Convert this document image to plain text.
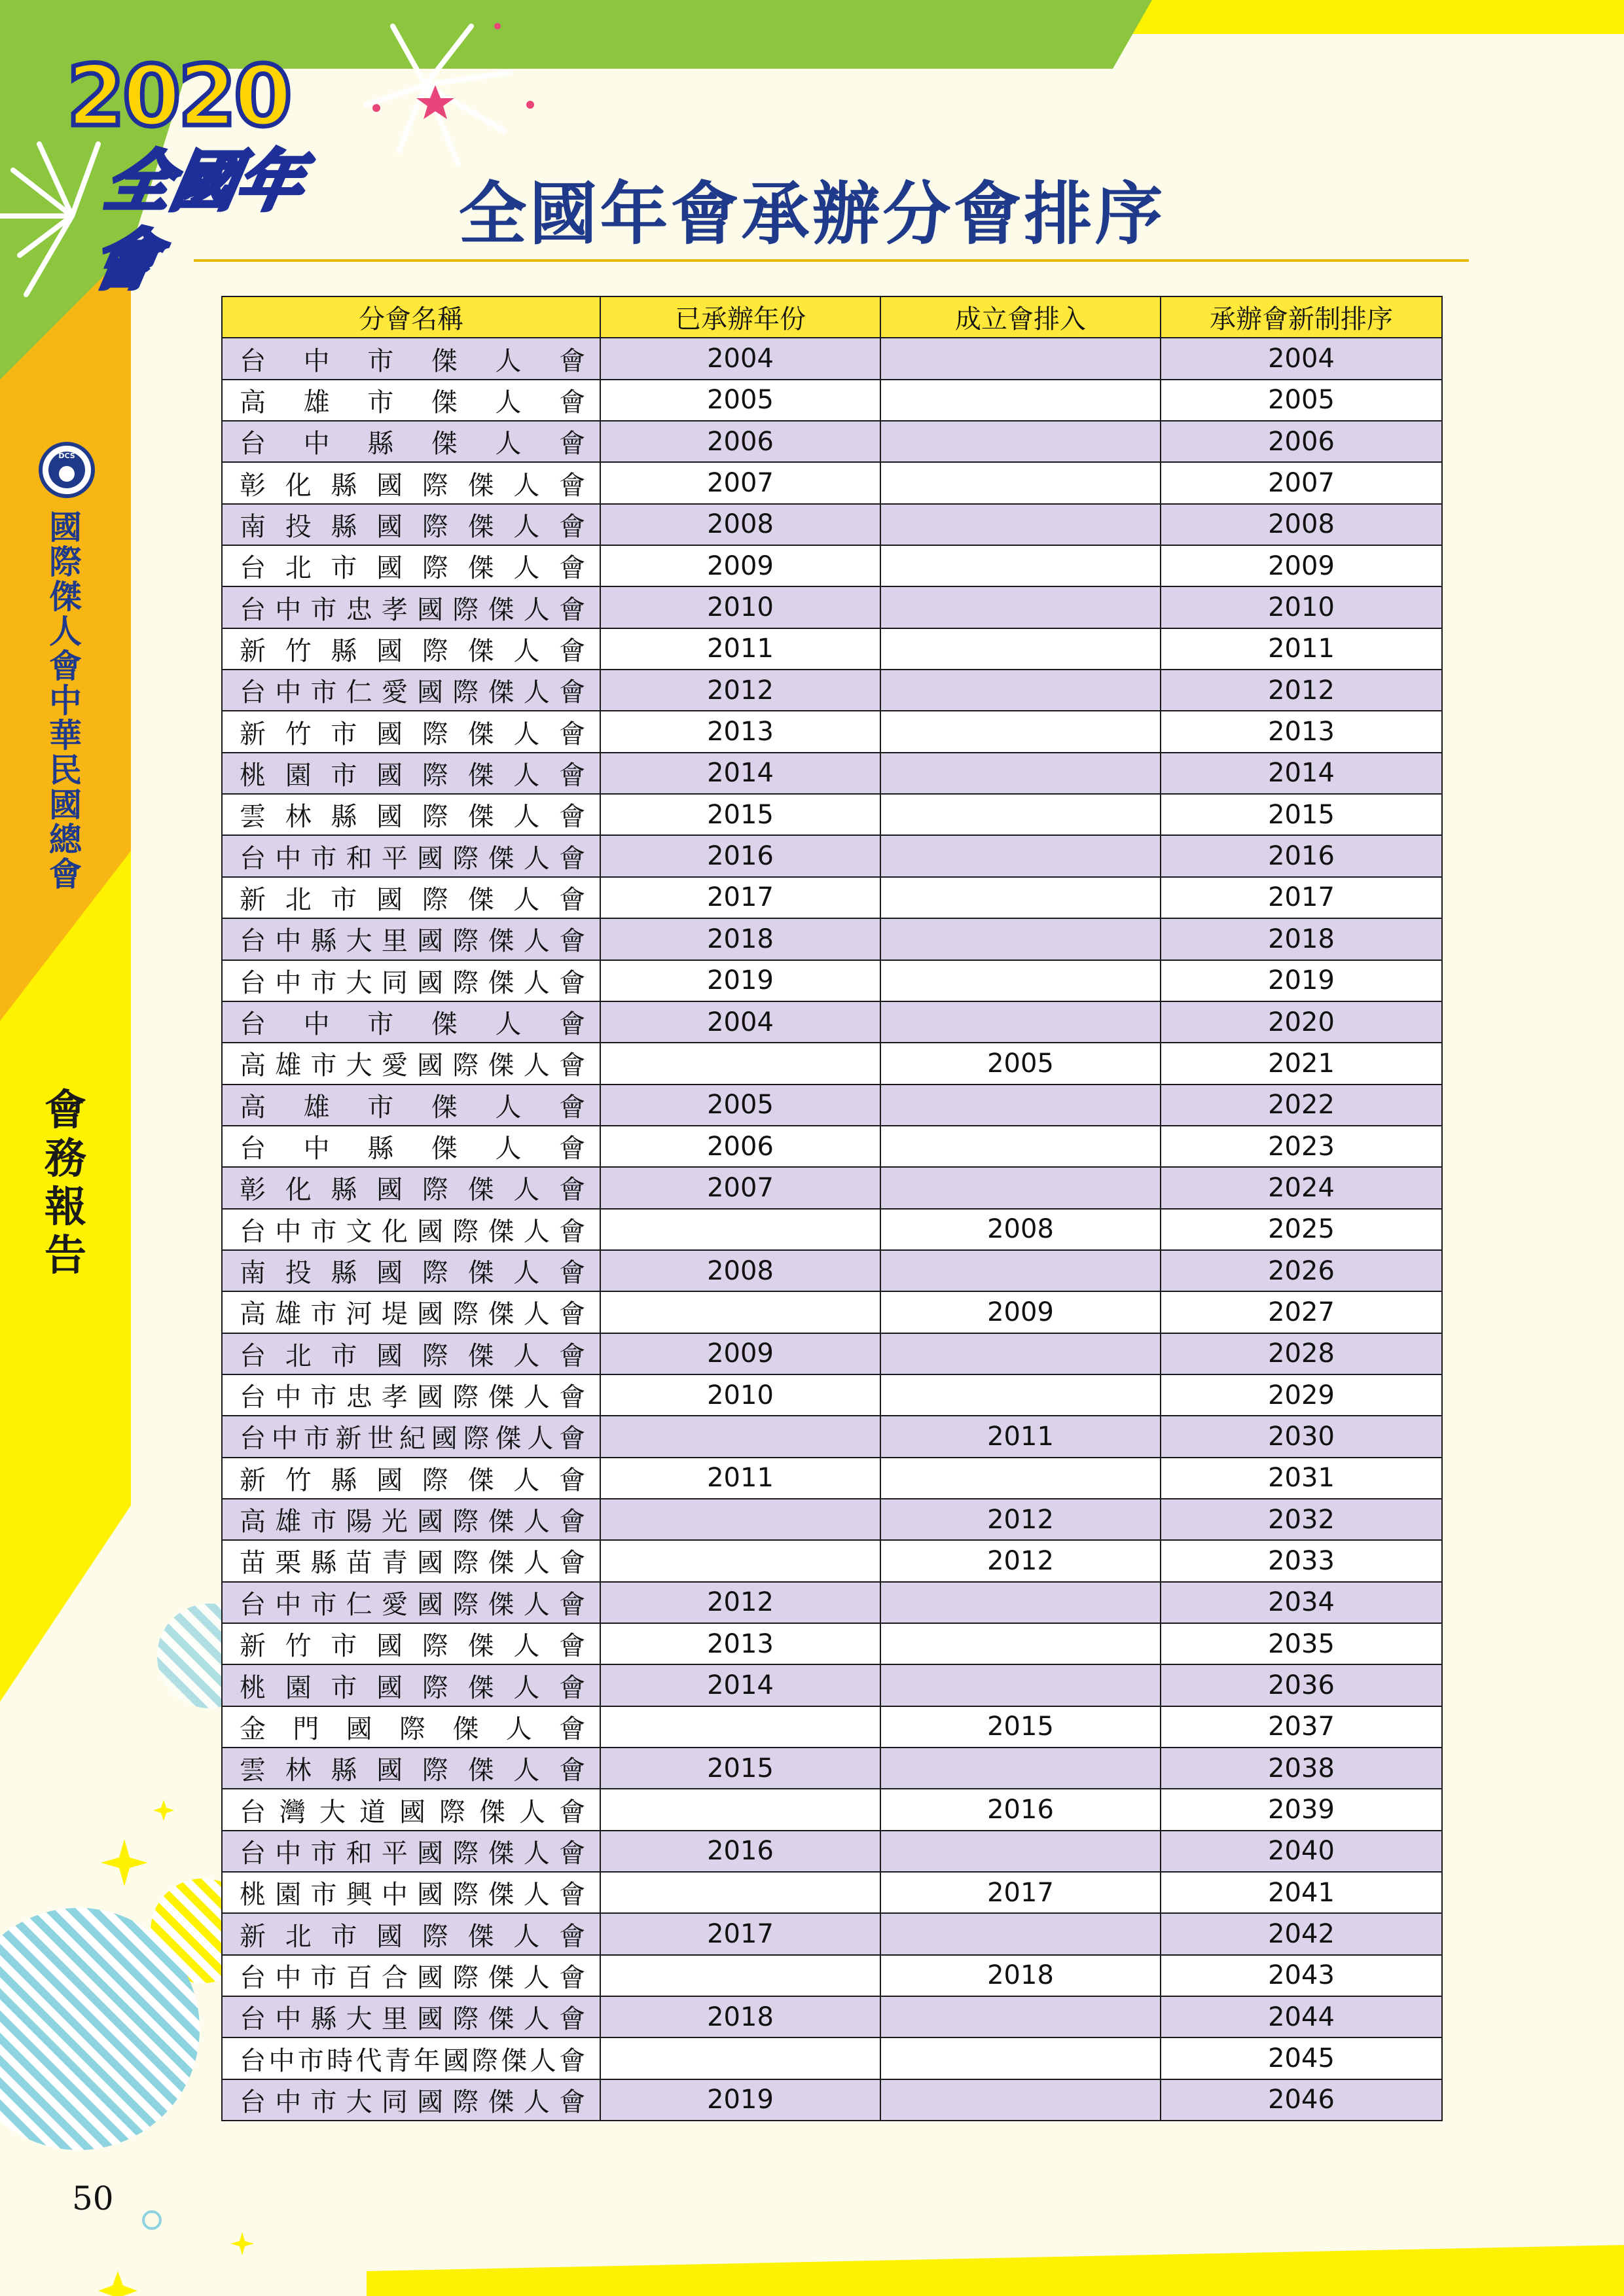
DCS
2020
全國年會
國際傑人會中華民國總會
會務報告
全國年會承辦分會排序
分會名稱	已承辦年份	成立會排入	承辦會新制排序
台中市傑人會	2004		2004
高雄市傑人會	2005		2005
台中縣傑人會	2006		2006
彰化縣國際傑人會	2007		2007
南投縣國際傑人會	2008		2008
台北市國際傑人會	2009		2009
台中市忠孝國際傑人會	2010		2010
新竹縣國際傑人會	2011		2011
台中市仁愛國際傑人會	2012		2012
新竹市國際傑人會	2013		2013
桃園市國際傑人會	2014		2014
雲林縣國際傑人會	2015		2015
台中市和平國際傑人會	2016		2016
新北市國際傑人會	2017		2017
台中縣大里國際傑人會	2018		2018
台中市大同國際傑人會	2019		2019
台中市傑人會	2004		2020
高雄市大愛國際傑人會		2005	2021
高雄市傑人會	2005		2022
台中縣傑人會	2006		2023
彰化縣國際傑人會	2007		2024
台中市文化國際傑人會		2008	2025
南投縣國際傑人會	2008		2026
高雄市河堤國際傑人會		2009	2027
台北市國際傑人會	2009		2028
台中市忠孝國際傑人會	2010		2029
台中市新世紀國際傑人會		2011	2030
新竹縣國際傑人會	2011		2031
高雄市陽光國際傑人會		2012	2032
苗栗縣苗青國際傑人會		2012	2033
台中市仁愛國際傑人會	2012		2034
新竹市國際傑人會	2013		2035
桃園市國際傑人會	2014		2036
金門國際傑人會		2015	2037
雲林縣國際傑人會	2015		2038
台灣大道國際傑人會		2016	2039
台中市和平國際傑人會	2016		2040
桃園市興中國際傑人會		2017	2041
新北市國際傑人會	2017		2042
台中市百合國際傑人會		2018	2043
台中縣大里國際傑人會	2018		2044
台中市時代青年國際傑人會			2045
台中市大同國際傑人會	2019		2046
50
